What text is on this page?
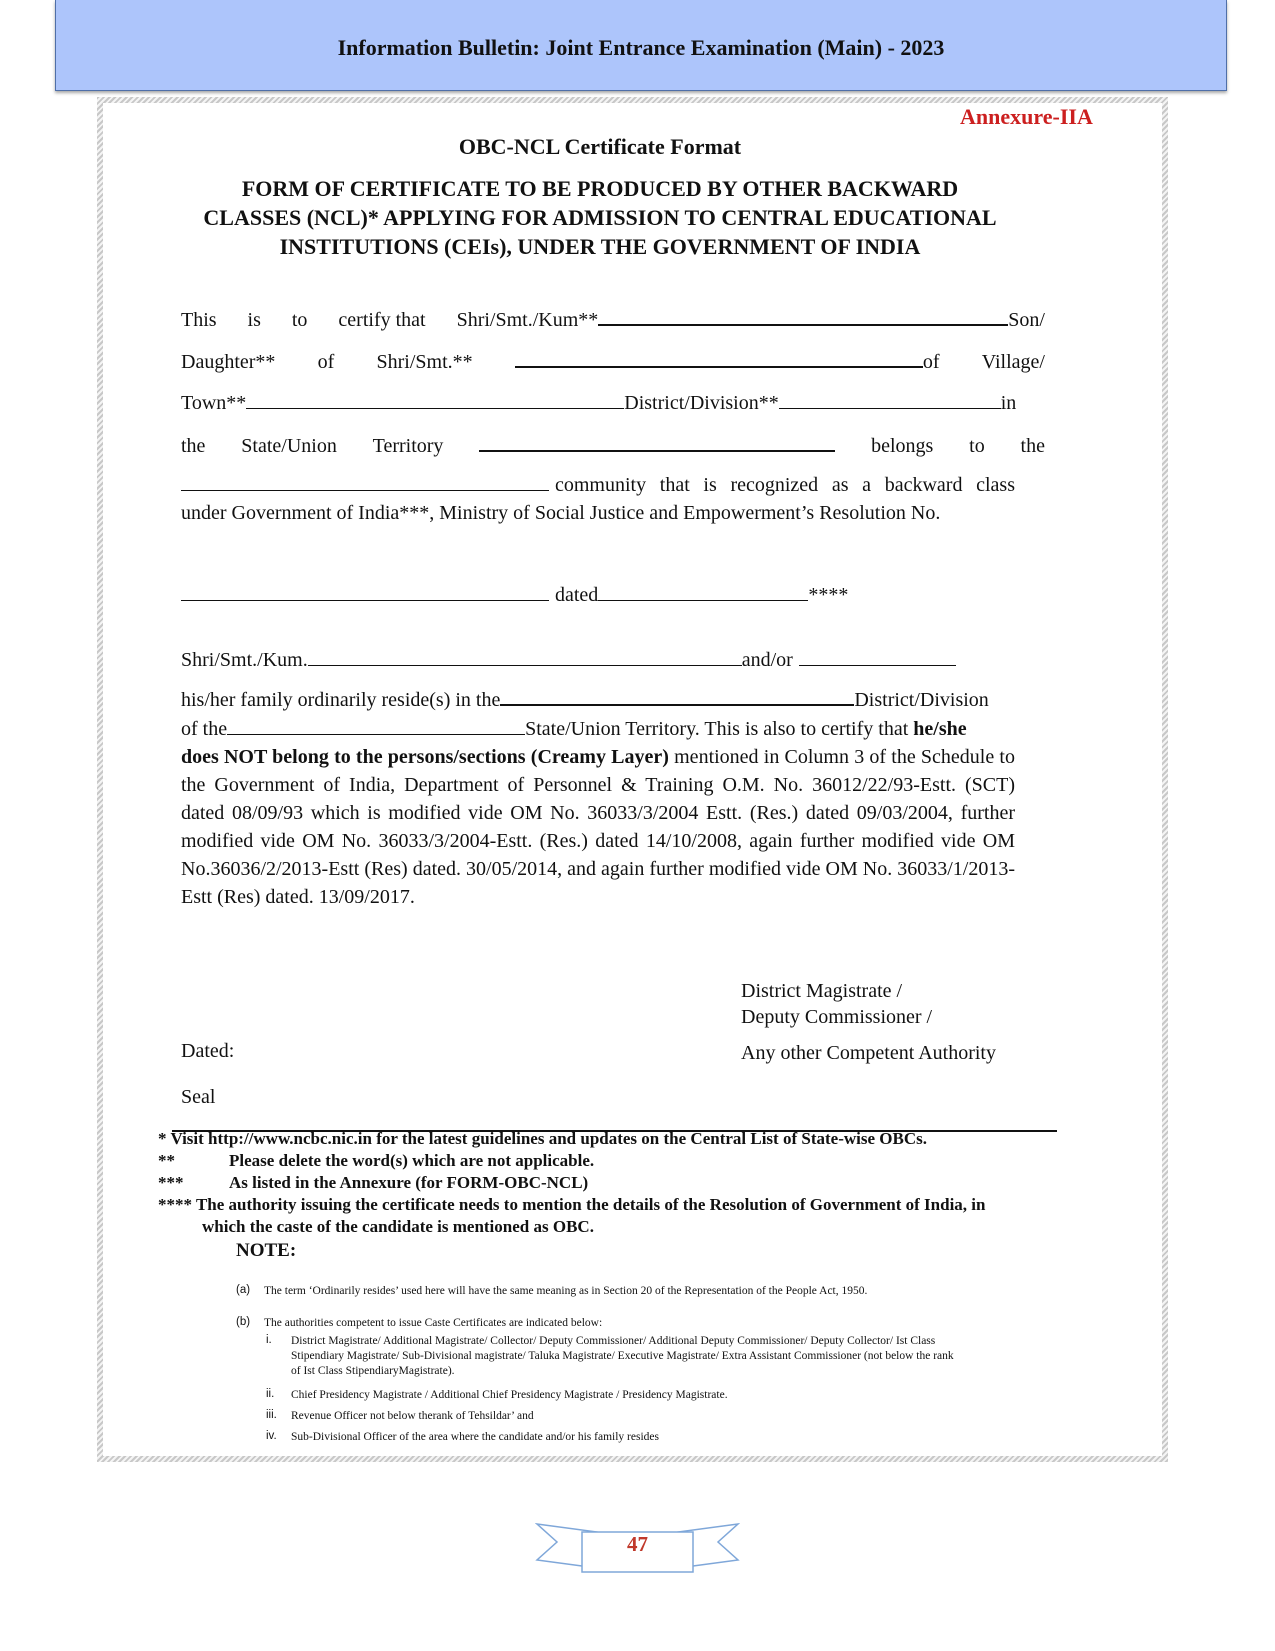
Information Bulletin: Joint Entrance Examination (Main) - 2023
Annexure-IIA
OBC-NCL Certificate Format
FORM OF CERTIFICATE TO BE PRODUCED BY OTHER BACKWARD CLASSES (NCL)* APPLYING FOR ADMISSION TO CENTRAL EDUCATIONAL INSTITUTIONS (CEIs), UNDER THE GOVERNMENT OF INDIA
This is to certify that Shri/Smt./Kum**	Son/
Daughter** of Shri/Smt.**	of Village/
Town**	District/Division**	in
the State/Union Territory	belongs to the
community that is recognized as a backward class
under Government of India***, Ministry of Social Justice and Empowerment’s Resolution No.
dated	****
Shri/Smt./Kum.	and/or
his/her family ordinarily reside(s) in the	District/Division
of the	State/Union Territory. This is also to certify that he/she
does NOT belong to the persons/sections (Creamy Layer) mentioned in Column 3 of the Schedule to the Government of India, Department of Personnel & Training O.M. No. 36012/22/93-Estt. (SCT) dated 08/09/93 which is modified vide OM No. 36033/3/2004 Estt. (Res.) dated 09/03/2004, further modified vide OM No. 36033/3/2004-Estt. (Res.) dated 14/10/2008, again further modified vide OM No.36036/2/2013-Estt (Res) dated. 30/05/2014, and again further modified vide OM No. 36033/1/2013-Estt (Res) dated. 13/09/2017.
District Magistrate /
Deputy Commissioner /
Any other Competent Authority
Dated:
Seal
* Visit http://www.ncbc.nic.in for the latest guidelines and updates on the Central List of State-wise OBCs.
**	Please delete the word(s) which are not applicable.
***	As listed in the Annexure (for FORM-OBC-NCL)
**** The authority issuing the certificate needs to mention the details of the Resolution of Government of India, in
which the caste of the candidate is mentioned as OBC.
NOTE:
(a) The term ‘Ordinarily resides’ used here will have the same meaning as in Section 20 of the Representation of the People Act, 1950.
(b) The authorities competent to issue Caste Certificates are indicated below:
i. District Magistrate/ Additional Magistrate/ Collector/ Deputy Commissioner/ Additional Deputy Commissioner/ Deputy Collector/ Ist Class Stipendiary Magistrate/ Sub-Divisional magistrate/ Taluka Magistrate/ Executive Magistrate/ Extra Assistant Commissioner (not below the rank of Ist Class StipendiaryMagistrate).
ii. Chief Presidency Magistrate / Additional Chief Presidency Magistrate / Presidency Magistrate.
iii. Revenue Officer not below therank of Tehsildar’ and
iv. Sub-Divisional Officer of the area where the candidate and/or his family resides
47
